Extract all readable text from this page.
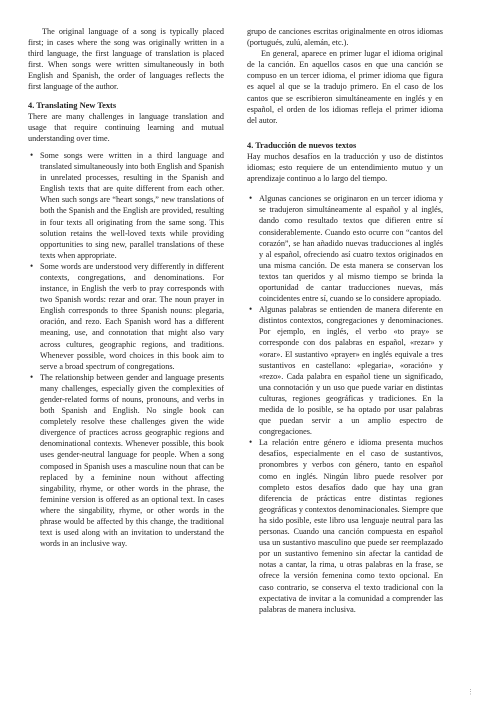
The original language of a song is typically placed first; in cases where the song was originally written in a third language, the first language of translation is placed first. When songs were written simultaneously in both English and Spanish, the order of languages reflects the first language of the author.

4. Translating New Texts

There are many challenges in language translation and usage that require continuing learning and mutual understanding over time.

• Some songs were written in a third language and translated simultaneously into both English and Spanish in unrelated processes, resulting in the Spanish and English texts that are quite different from each other. When such songs are “heart songs,” new translations of both the Spanish and the English are provided, resulting in four texts all originating from the same song. This solution retains the well-loved texts while providing opportunities to sing new, parallel translations of these texts when appropriate.
• Some words are understood very differently in different contexts, congregations, and denominations. For instance, in English the verb to pray corresponds with two Spanish words: rezar and orar. The noun prayer in English corresponds to three Spanish nouns: plegaria, oración, and rezo. Each Spanish word has a different meaning, use, and connotation that might also vary across cultures, geographic regions, and traditions. Whenever possible, word choices in this book aim to serve a broad spectrum of congregations.
• The relationship between gender and language presents many challenges, especially given the complexities of gender-related forms of nouns, pronouns, and verbs in both Spanish and English. No single book can completely resolve these challenges given the wide divergence of practices across geographic regions and denominational contexts. Whenever possible, this book uses gender-neutral language for people. When a song composed in Spanish uses a masculine noun that can be replaced by a feminine noun without affecting singability, rhyme, or other words in the phrase, the feminine version is offered as an optional text. In cases where the singability, rhyme, or other words in the phrase would be affected by this change, the traditional text is used along with an invitation to understand the words in an inclusive way.

grupo de canciones escritas originalmente en otros idiomas (portugués, zulú, alemán, etc.).

En general, aparece en primer lugar el idioma original de la canción. En aquellos casos en que una canción se compuso en un tercer idioma, el primer idioma que figura es aquel al que se la tradujo primero. En el caso de los cantos que se escribieron simultáneamente en inglés y en español, el orden de los idiomas refleja el primer idioma del autor.

4. Traducción de nuevos textos

Hay muchos desafíos en la traducción y uso de distintos idiomas; esto requiere de un entendimiento mutuo y un aprendizaje continuo a lo largo del tiempo.

• Algunas canciones se originaron en un tercer idioma y se tradujeron simultáneamente al español y al inglés, dando como resultado textos que difieren entre sí considerablemente. Cuando esto ocurre con “cantos del corazón”, se han añadido nuevas traducciones al inglés y al español, ofreciendo así cuatro textos originados en una misma canción. De esta manera se conservan los textos tan queridos y al mismo tiempo se brinda la oportunidad de cantar traducciones nuevas, más coincidentes entre sí, cuando se lo considere apropiado.
• Algunas palabras se entienden de manera diferente en distintos contextos, congregaciones y denominaciones. Por ejemplo, en inglés, el verbo «to pray» se corresponde con dos palabras en español, «rezar» y «orar». El sustantivo «prayer» en inglés equivale a tres sustantivos en castellano: «plegaria», «oración» y «rezo». Cada palabra en español tiene un significado, una connotación y un uso que puede variar en distintas culturas, regiones geográficas y tradiciones. En la medida de lo posible, se ha optado por usar palabras que puedan servir a un amplio espectro de congregaciones.
• La relación entre género e idioma presenta muchos desafíos, especialmente en el caso de sustantivos, pronombres y verbos con género, tanto en español como en inglés. Ningún libro puede resolver por completo estos desafíos dado que hay una gran diferencia de prácticas entre distintas regiones geográficas y contextos denominacionales. Siempre que ha sido posible, este libro usa lenguaje neutral para las personas. Cuando una canción compuesta en español usa un sustantivo masculino que puede ser reemplazado por un sustantivo femenino sin afectar la cantidad de notas a cantar, la rima, u otras palabras en la frase, se ofrece la versión femenina como texto opcional. En caso contrario, se conserva el texto tradicional con la expectativa de invitar a la comunidad a comprender las palabras de manera inclusiva.
⋮
